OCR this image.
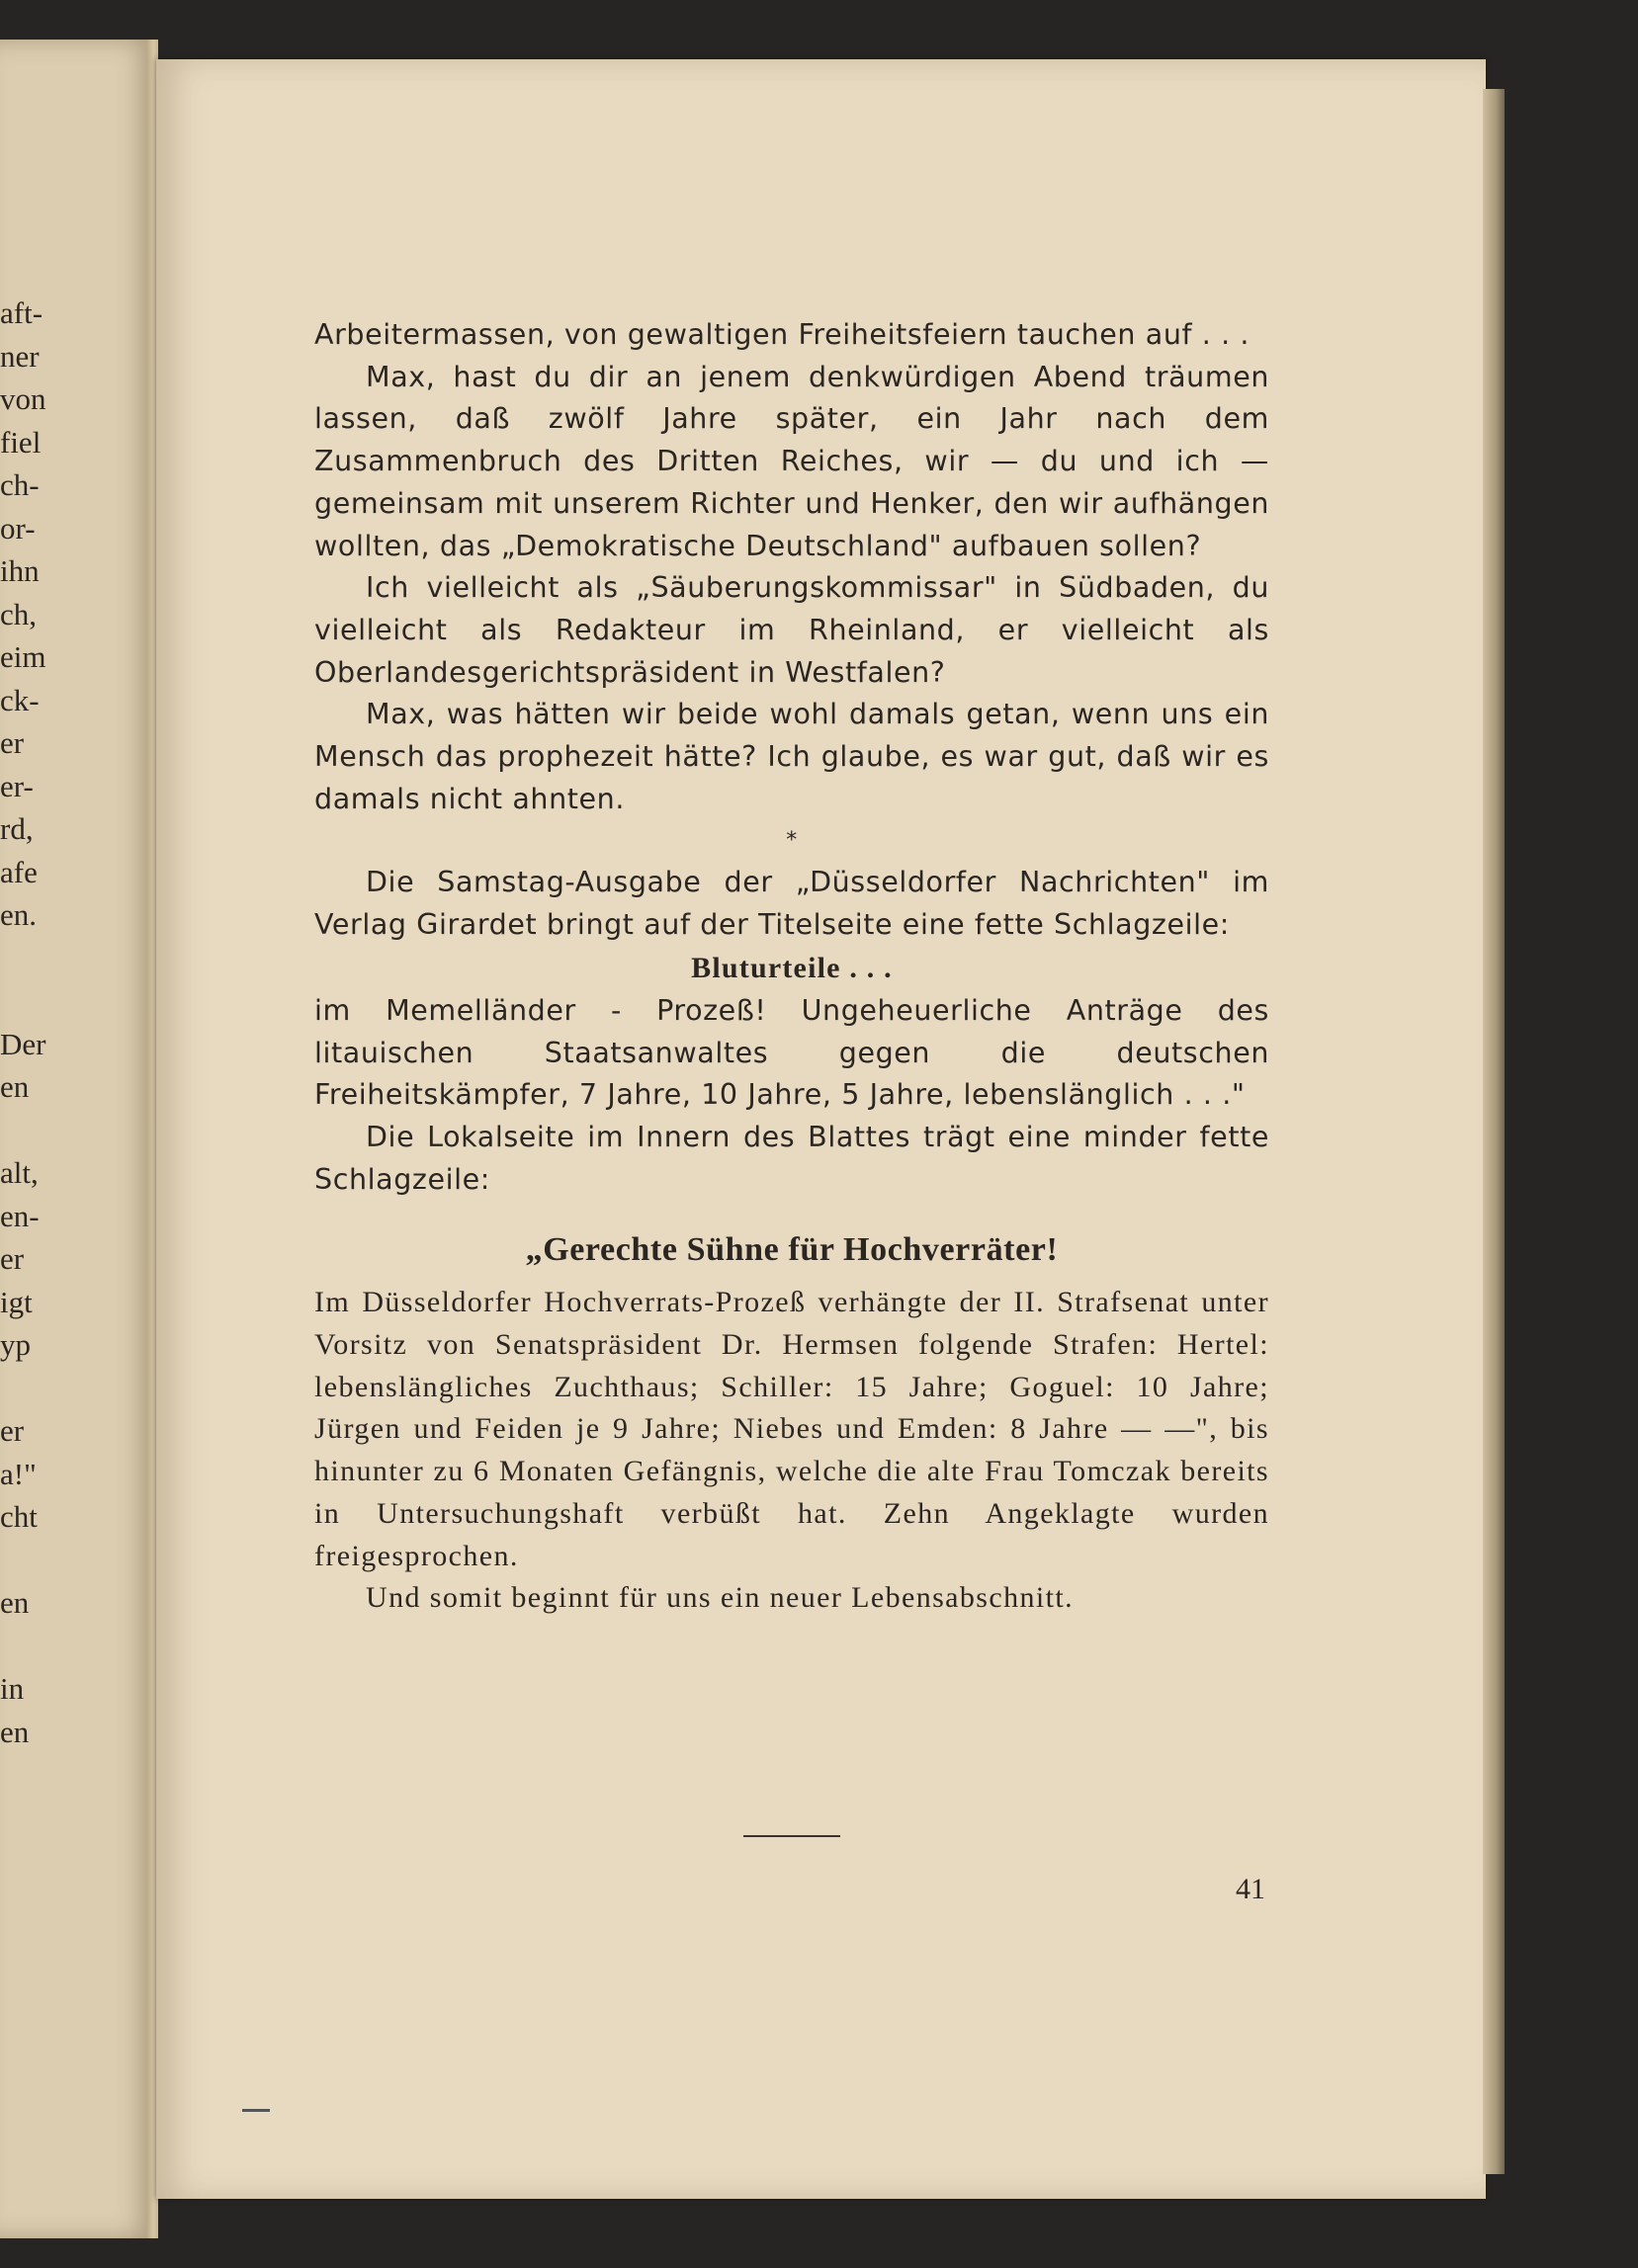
aft-
ner
von
fiel
ch-
or-
ihn
ch,
eim
ck-
er
er-
rd,
afe
en.
Der
en
alt,
en-
er
igt
yp
er
a!"
cht
en
in
en

Arbeitermassen, von gewaltigen Freiheitsfeiern tauchen auf . . .

Max, hast du dir an jenem denkwürdigen Abend träumen lassen, daß zwölf Jahre später, ein Jahr nach dem Zusammenbruch des Dritten Reiches, wir — du und ich — gemeinsam mit unserem Richter und Henker, den wir aufhängen wollten, das „Demokratische Deutschland" aufbauen sollen?

Ich vielleicht als „Säuberungskommissar" in Südbaden, du vielleicht als Redakteur im Rheinland, er vielleicht als Oberlandesgerichtspräsident in Westfalen?

Max, was hätten wir beide wohl damals getan, wenn uns ein Mensch das prophezeit hätte? Ich glaube, es war gut, daß wir es damals nicht ahnten.

*

Die Samstag-Ausgabe der „Düsseldorfer Nachrichten" im Verlag Girardet bringt auf der Titelseite eine fette Schlagzeile:

Bluturteile . . .

im Memelländer - Prozeß! Ungeheuerliche Anträge des litauischen Staatsanwaltes gegen die deutschen Freiheitskämpfer, 7 Jahre, 10 Jahre, 5 Jahre, lebenslänglich . . ."

Die Lokalseite im Innern des Blattes trägt eine minder fette Schlagzeile:

„Gerechte Sühne für Hochverräter!

Im Düsseldorfer Hochverrats-Prozeß verhängte der II. Strafsenat unter Vorsitz von Senatspräsident Dr. Hermsen folgende Strafen: Hertel: lebenslängliches Zuchthaus; Schiller: 15 Jahre; Goguel: 10 Jahre; Jürgen und Feiden je 9 Jahre; Niebes und Emden: 8 Jahre — —", bis hinunter zu 6 Monaten Gefängnis, welche die alte Frau Tomczak bereits in Untersuchungshaft verbüßt hat. Zehn Angeklagte wurden freigesprochen.

Und somit beginnt für uns ein neuer Lebensabschnitt.

41
